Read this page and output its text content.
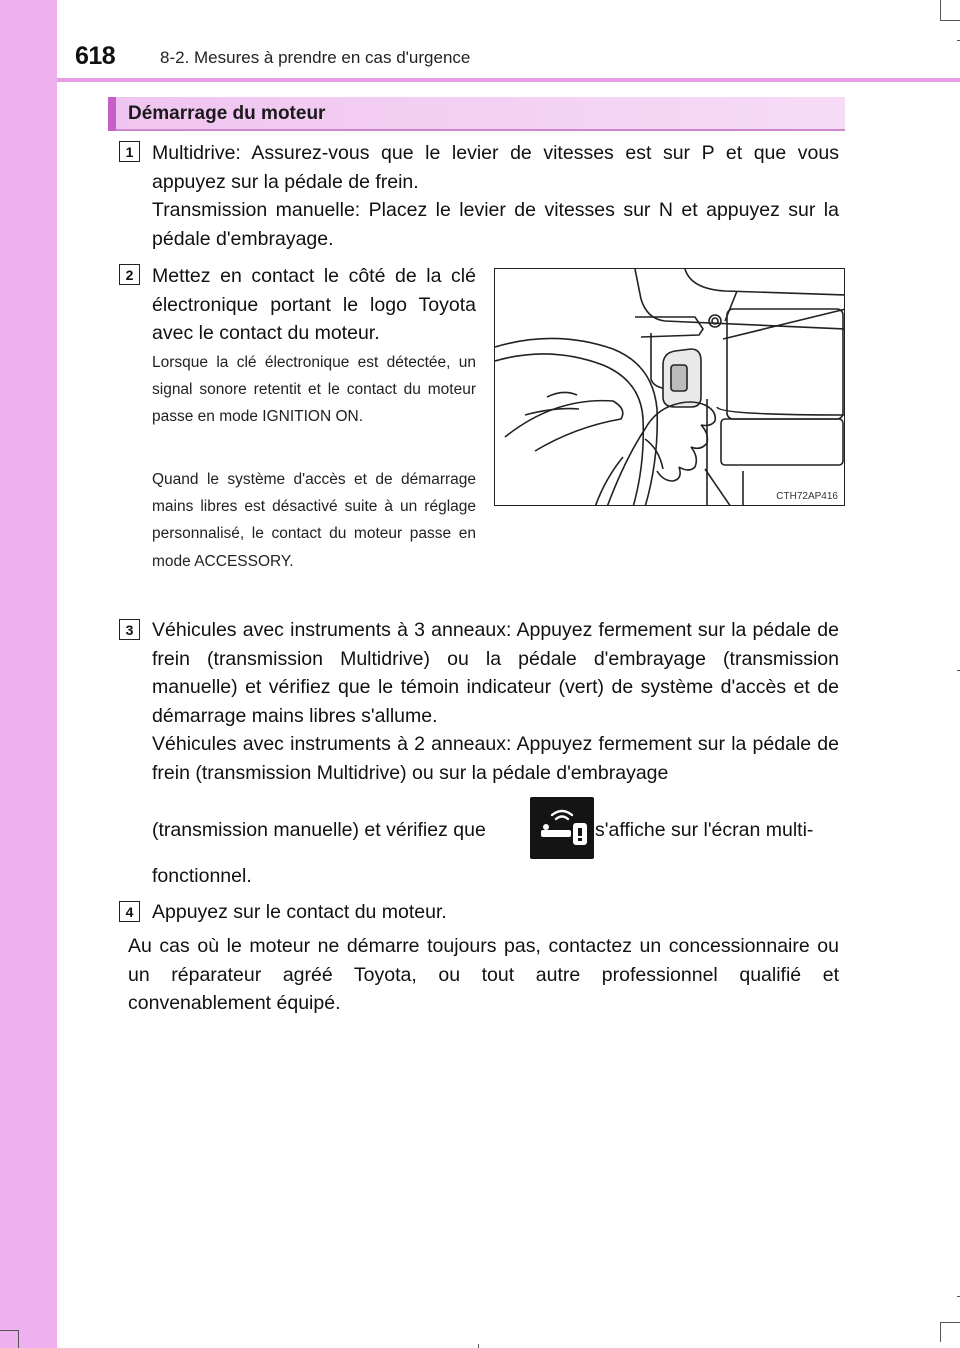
618	8-2. Mesures à prendre en cas d'urgence
Démarrage du moteur
1 Multidrive: Assurez-vous que le levier de vitesses est sur P et que vous appuyez sur la pédale de frein.

Transmission manuelle: Placez le levier de vitesses sur N et appuyez sur la pédale d'embrayage.

2 Mettez en contact le côté de la clé électronique portant le logo Toyota avec le contact du moteur.
Lorsque la clé électronique est détectée, un signal sonore retentit et le contact du moteur passe en mode IGNITION ON.
Quand le système d'accès et de démarrage mains libres est désactivé suite à un réglage personnalisé, le contact du moteur passe en mode ACCESSORY.
CTH72AP416
3 Véhicules avec instruments à 3 anneaux: Appuyez fermement sur la pédale de frein (transmission Multidrive) ou la pédale d'embrayage (transmission manuelle) et vérifiez que le témoin indicateur (vert) de système d'accès et de démarrage mains libres s'allume.
Véhicules avec instruments à 2 anneaux: Appuyez fermement sur la pédale de frein (transmission Multidrive) ou sur la pédale d'embrayage
(transmission manuelle) et vérifiez que	s'affiche sur l'écran multi-
fonctionnel.
4 Appuyez sur le contact du moteur.
Au cas où le moteur ne démarre toujours pas, contactez un concessionnaire ou un réparateur agréé Toyota, ou tout autre professionnel qualifié et convenablement équipé.
